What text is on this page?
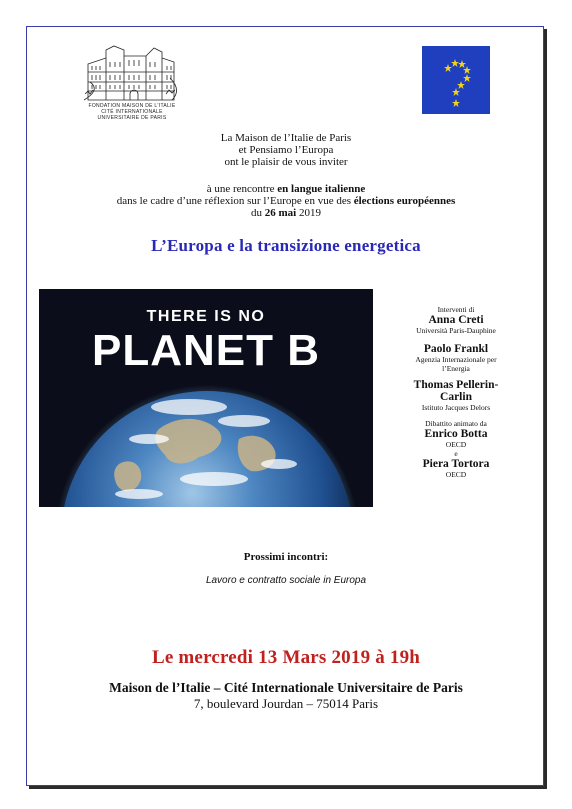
FONDATION MAISON DE L'ITALIE
CITÉ INTERNATIONALE UNIVERSITAIRE DE PARIS
La Maison de l’Italie de Paris
et Pensiamo l’Europa
ont le plaisir de vous inviter
à une rencontre en langue italienne
dans le cadre d’une réflexion sur l’Europe en vue des élections européennes
du 26 mai 2019
L’Europa e la transizione energetica
THERE IS NO
PLANET B
Interventi di
Anna Creti
Università Paris-Dauphine
Paolo Frankl
Agenzia Internazionale per
l’Energia
Thomas Pellerin-
Carlin
Istituto Jacques Delors
Dibattito animato da
Enrico Botta
OECD
e
Piera Tortora
OECD
Prossimi incontri:
Lavoro e contratto sociale in Europa
Le mercredi 13 Mars 2019 à 19h
Maison de l’Italie – Cité Internationale Universitaire de Paris
7, boulevard Jourdan – 75014 Paris
